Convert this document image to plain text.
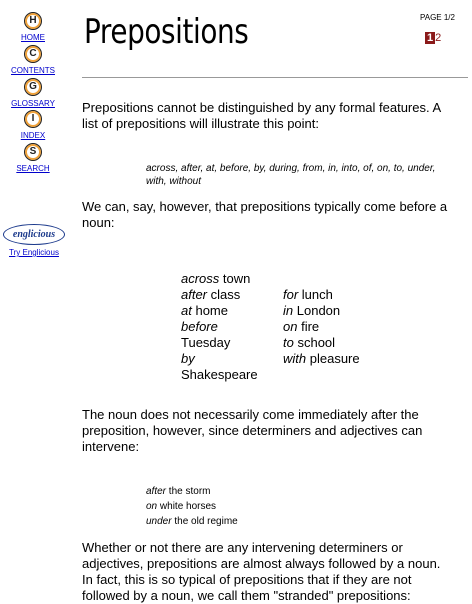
H
HOME
C
CONTENTS
G
GLOSSARY
I
INDEX
S
SEARCH
englicious
Try Englicious
Prepositions	PAGE 1/2
1 2
Prepositions cannot be distinguished by any formal features. A list of prepositions will illustrate this point:
across, after, at, before, by, during, from, in, into, of, on, to, under, with, without
We can, say, however, that prepositions typically come before a noun:
across town
after class
at home
before
Tuesday
by
Shakespeare
for lunch
in London
on fire
to school
with pleasure
The noun does not necessarily come immediately after the preposition, however, since determiners and adjectives can intervene:
after the storm
on white horses
under the old regime
Whether or not there are any intervening determiners or adjectives, prepositions are almost always followed by a noun. In fact, this is so typical of prepositions that if they are not followed by a noun, we call them "stranded" prepositions:
